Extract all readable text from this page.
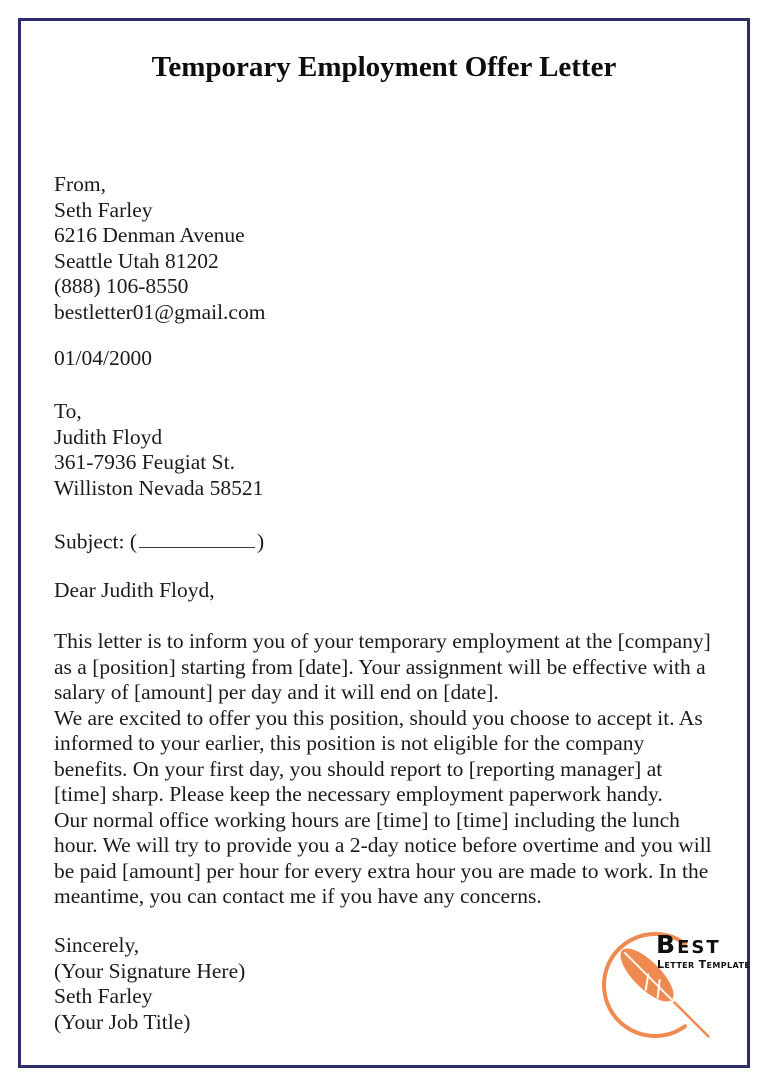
Temporary Employment Offer Letter
From,
Seth Farley
6216 Denman Avenue
Seattle Utah 81202
(888) 106-8550
bestletter01@gmail.com
01/04/2000
To,
Judith Floyd
361-7936 Feugiat St.
Williston Nevada 58521
Subject: (	)
Dear Judith Floyd,

This letter is to inform you of your temporary employment at the [company] as a [position] starting from [date]. Your assignment will be effective with a salary of [amount] per day and it will end on [date].

We are excited to offer you this position, should you choose to accept it. As informed to your earlier, this position is not eligible for the company benefits. On your first day, you should report to [reporting manager] at [time] sharp. Please keep the necessary employment paperwork handy.

Our normal office working hours are [time] to [time] including the lunch hour. We will try to provide you a 2-day notice before overtime and you will be paid [amount] per hour for every extra hour you are made to work. In the meantime, you can contact me if you have any concerns.

Sincerely,
(Your Signature Here)
Seth Farley
(Your Job Title)
BEST
LETTER TEMPLATE
